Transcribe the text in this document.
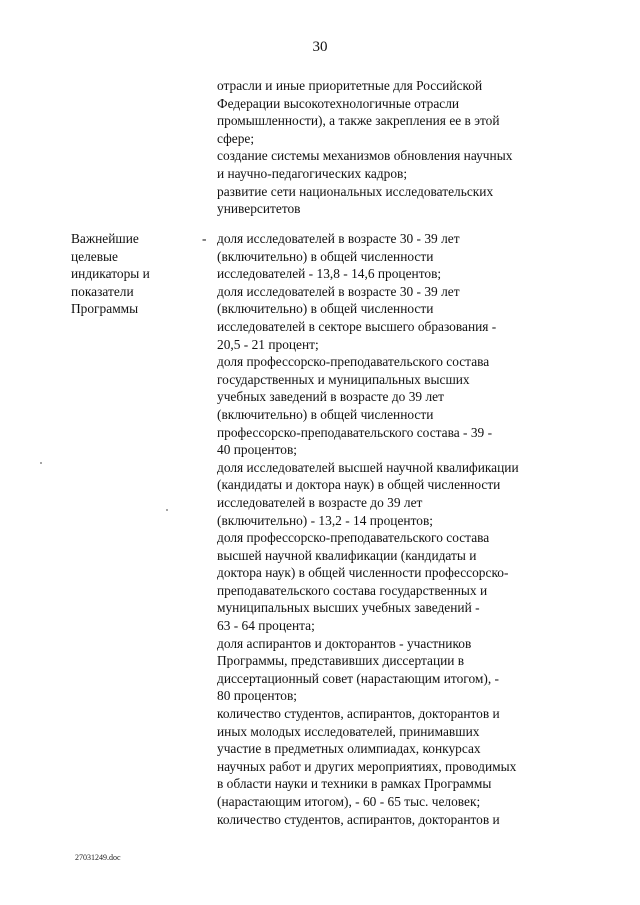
30
отрасли и иные приоритетные для Российской
Федерации высокотехнологичные отрасли
промышленности), а также закрепления ее в этой
сфере;
создание системы механизмов обновления научных
и научно-педагогических кадров;
развитие сети национальных исследовательских
университетов
Важнейшие
целевые
индикаторы и
показатели
Программы
- доля исследователей в возрасте 30 - 39 лет
(включительно) в общей численности
исследователей - 13,8 - 14,6 процентов;
доля исследователей в возрасте 30 - 39 лет
(включительно) в общей численности
исследователей в секторе высшего образования -
20,5 - 21 процент;
доля профессорско-преподавательского состава
государственных и муниципальных высших
учебных заведений в возрасте до 39 лет
(включительно) в общей численности
профессорско-преподавательского состава - 39 -
40 процентов;
доля исследователей высшей научной квалификации
(кандидаты и доктора наук) в общей численности
исследователей в возрасте до 39 лет
(включительно) - 13,2 - 14 процентов;
доля профессорско-преподавательского состава
высшей научной квалификации (кандидаты и
доктора наук) в общей численности профессорско-
преподавательского состава государственных и
муниципальных высших учебных заведений -
63 - 64 процента;
доля аспирантов и докторантов - участников
Программы, представивших диссертации в
диссертационный совет (нарастающим итогом), -
80 процентов;
количество студентов, аспирантов, докторантов и
иных молодых исследователей, принимавших
участие в предметных олимпиадах, конкурсах
научных работ и других мероприятиях, проводимых
в области науки и техники в рамках Программы
(нарастающим итогом), - 60 - 65 тыс. человек;
количество студентов, аспирантов, докторантов и
27031249.doc
